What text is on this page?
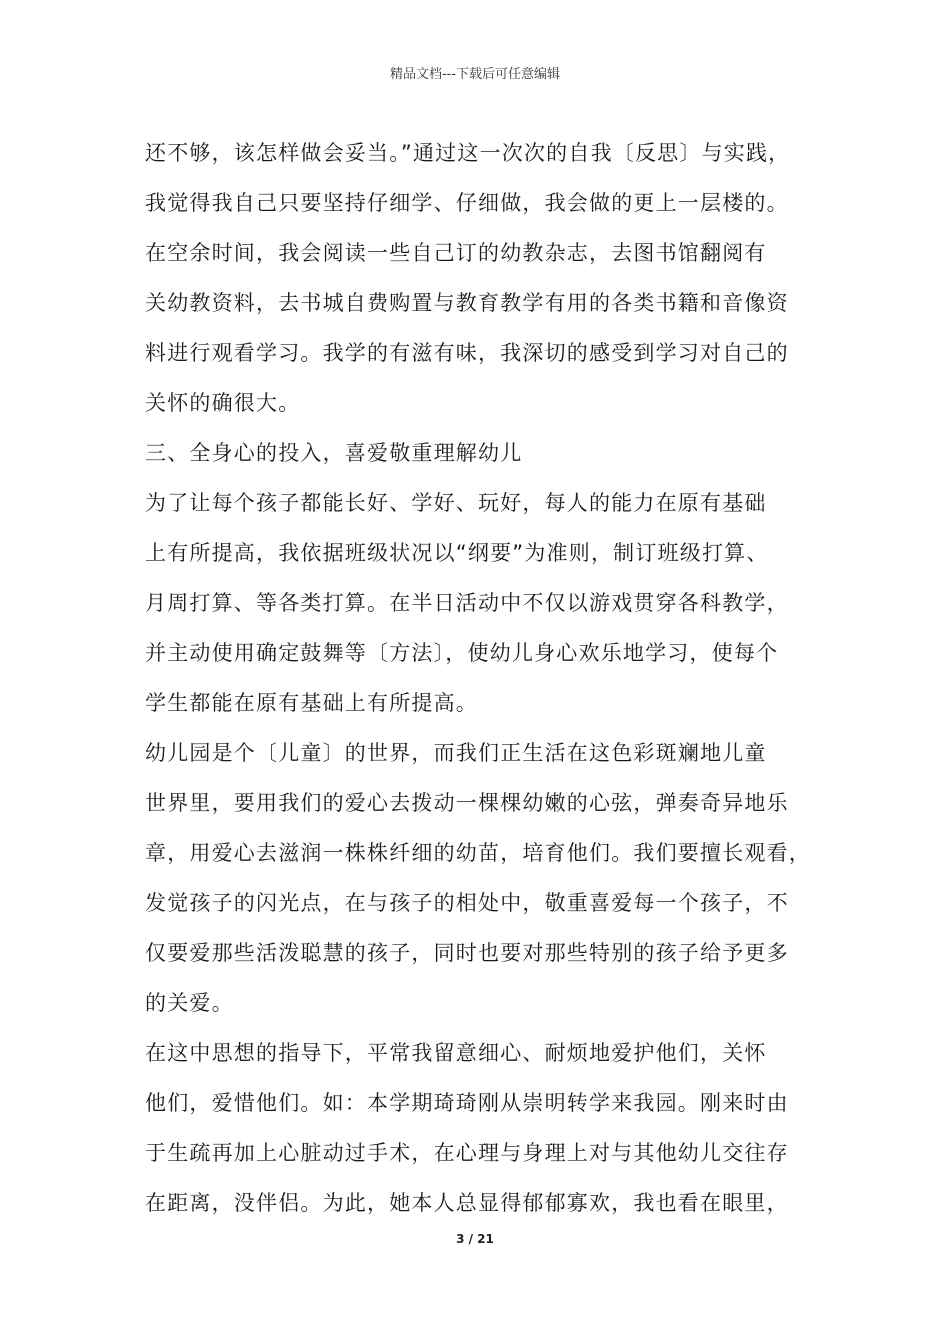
精品文档---下载后可任意编辑
还不够，该怎样做会妥当。”通过这一次次的自我〔反思〕与实践，
我觉得我自己只要坚持仔细学、仔细做，我会做的更上一层楼的。
在空余时间，我会阅读一些自己订的幼教杂志，去图书馆翻阅有
关幼教资料，去书城自费购置与教育教学有用的各类书籍和音像资
料进行观看学习。我学的有滋有味，我深切的感受到学习对自己的
关怀的确很大。
三、全身心的投入，喜爱敬重理解幼儿
为了让每个孩子都能长好、学好、玩好，每人的能力在原有基础
上有所提高，我依据班级状况以“纲要”为准则，制订班级打算、
月周打算、等各类打算。在半日活动中不仅以游戏贯穿各科教学，
并主动使用确定鼓舞等〔方法〕，使幼儿身心欢乐地学习，使每个
学生都能在原有基础上有所提高。
幼儿园是个〔儿童〕的世界，而我们正生活在这色彩斑斓地儿童
世界里，要用我们的爱心去拨动一棵棵幼嫩的心弦，弹奏奇异地乐
章，用爱心去滋润一株株纤细的幼苗，培育他们。我们要擅长观看，
发觉孩子的闪光点，在与孩子的相处中，敬重喜爱每一个孩子，不
仅要爱那些活泼聪慧的孩子，同时也要对那些特别的孩子给予更多
的关爱。
在这中思想的指导下，平常我留意细心、耐烦地爱护他们，关怀
他们，爱惜他们。如：本学期琦琦刚从崇明转学来我园。刚来时由
于生疏再加上心脏动过手术，在心理与身理上对与其他幼儿交往存
在距离，没伴侣。为此，她本人总显得郁郁寡欢，我也看在眼里，
3 / 21
